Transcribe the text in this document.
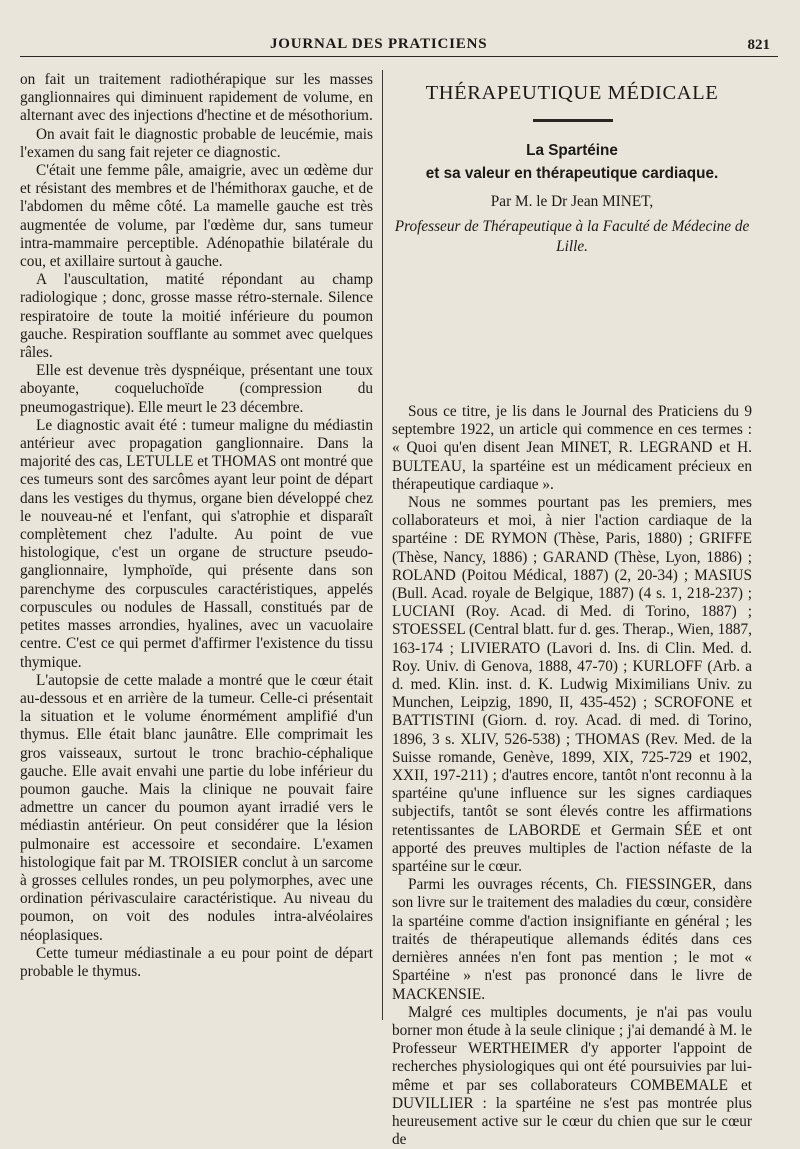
JOURNAL DES PRATICIENS	821

on fait un traitement radiothérapique sur les masses ganglionnaires qui diminuent rapidement de volume, en alternant avec des injections d'hectine et de mésothorium.

On avait fait le diagnostic probable de leucémie, mais l'examen du sang fait rejeter ce diagnostic.

C'était une femme pâle, amaigrie, avec un œdème dur et résistant des membres et de l'hémithorax gauche, et de l'abdomen du même côté. La mamelle gauche est très augmentée de volume, par l'œdème dur, sans tumeur intra-mammaire perceptible. Adénopathie bilatérale du cou, et axillaire surtout à gauche.

A l'auscultation, matité répondant au champ radiologique ; donc, grosse masse rétro-sternale. Silence respiratoire de toute la moitié inférieure du poumon gauche. Respiration soufflante au sommet avec quelques râles.

Elle est devenue très dyspnéique, présentant une toux aboyante, coqueluchoïde (compression du pneumogastrique). Elle meurt le 23 décembre.

Le diagnostic avait été : tumeur maligne du médiastin antérieur avec propagation ganglionnaire. Dans la majorité des cas, LETULLE et THOMAS ont montré que ces tumeurs sont des sarcômes ayant leur point de départ dans les vestiges du thymus, organe bien développé chez le nouveau-né et l'enfant, qui s'atrophie et disparaît complètement chez l'adulte. Au point de vue histologique, c'est un organe de structure pseudo-ganglionnaire, lymphoïde, qui présente dans son parenchyme des corpuscules caractéristiques, appelés corpuscules ou nodules de Hassall, constitués par de petites masses arrondies, hyalines, avec un vacuolaire centre. C'est ce qui permet d'affirmer l'existence du tissu thymique.

L'autopsie de cette malade a montré que le cœur était au-dessous et en arrière de la tumeur. Celle-ci présentait la situation et le volume énormément amplifié d'un thymus. Elle était blanc jaunâtre. Elle comprimait les gros vaisseaux, surtout le tronc brachio-céphalique gauche. Elle avait envahi une partie du lobe inférieur du poumon gauche. Mais la clinique ne pouvait faire admettre un cancer du poumon ayant irradié vers le médiastin antérieur. On peut considérer que la lésion pulmonaire est accessoire et secondaire. L'examen histologique fait par M. TROISIER conclut à un sarcome à grosses cellules rondes, un peu polymorphes, avec une ordination périvasculaire caractéristique. Au niveau du poumon, on voit des nodules intra-alvéolaires néoplasiques.

Cette tumeur médiastinale a eu pour point de départ probable le thymus.

THÉRAPEUTIQUE MÉDICALE
La Spartéine
et sa valeur en thérapeutique cardiaque.
Par M. le Dr Jean MINET,
Professeur de Thérapeutique à la Faculté de Médecine de Lille.

Sous ce titre, je lis dans le Journal des Praticiens du 9 septembre 1922, un article qui commence en ces termes : « Quoi qu'en disent Jean MINET, R. LEGRAND et H. BULTEAU, la spartéine est un médicament précieux en thérapeutique cardiaque ».

Nous ne sommes pourtant pas les premiers, mes collaborateurs et moi, à nier l'action cardiaque de la spartéine : DE RYMON (Thèse, Paris, 1880) ; GRIFFE (Thèse, Nancy, 1886) ; GARAND (Thèse, Lyon, 1886) ; ROLAND (Poitou Médical, 1887) (2, 20-34) ; MASIUS (Bull. Acad. royale de Belgique, 1887) (4 s. 1, 218-237) ; LUCIANI (Roy. Acad. di Med. di Torino, 1887) ; STOESSEL (Central blatt. fur d. ges. Therap., Wien, 1887, 163-174 ; LIVIERATO (Lavori d. Ins. di Clin. Med. d. Roy. Univ. di Genova, 1888, 47-70) ; KURLOFF (Arb. a d. med. Klin. inst. d. K. Ludwig Miximilians Univ. zu Munchen, Leipzig, 1890, II, 435-452) ; SCROFONE et BATTISTINI (Giorn. d. roy. Acad. di med. di Torino, 1896, 3 s. XLIV, 526-538) ; THOMAS (Rev. Med. de la Suisse romande, Genève, 1899, XIX, 725-729 et 1902, XXII, 197-211) ; d'autres encore, tantôt n'ont reconnu à la spartéine qu'une influence sur les signes cardiaques subjectifs, tantôt se sont élevés contre les affirmations retentissantes de LABORDE et Germain SÉE et ont apporté des preuves multiples de l'action néfaste de la spartéine sur le cœur.

Parmi les ouvrages récents, Ch. FIESSINGER, dans son livre sur le traitement des maladies du cœur, considère la spartéine comme d'action insignifiante en général ; les traités de thérapeutique allemands édités dans ces dernières années n'en font pas mention ; le mot « Spartéine » n'est pas prononcé dans le livre de MACKENSIE.

Malgré ces multiples documents, je n'ai pas voulu borner mon étude à la seule clinique ; j'ai demandé à M. le Professeur WERTHEIMER d'y apporter l'appoint de recherches physiologiques qui ont été poursuivies par lui-même et par ses collaborateurs COMBEMALE et DUVILLIER : la spartéine ne s'est pas montrée plus heureusement active sur le cœur du chien que sur le cœur de
